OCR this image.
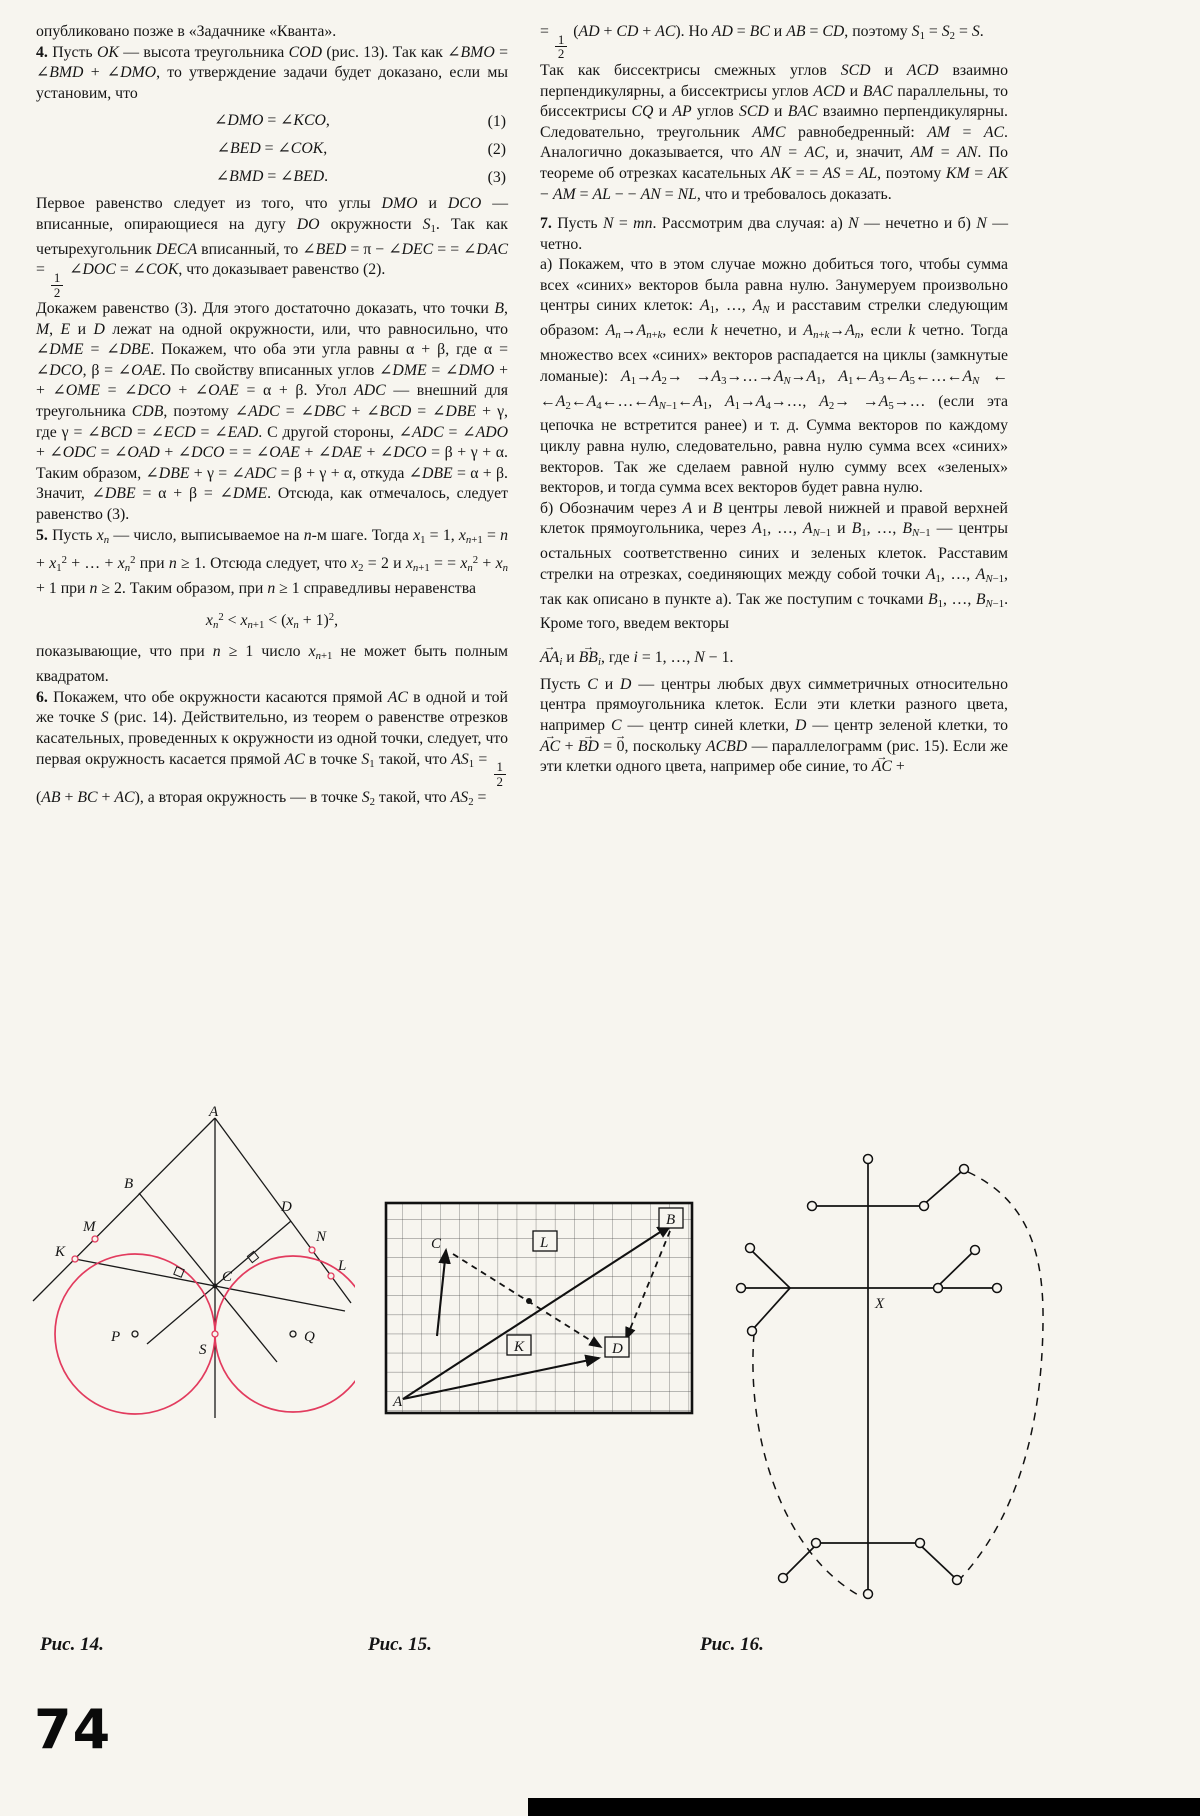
опубликовано позже в «Задачнике «Кванта».

4. Пусть OK — высота треугольника COD (рис. 13). Так как ∠BMO = ∠BMD + ∠DMO, то утверждение задачи будет доказано, если мы установим, что

∠DMO = ∠KCO,	(1)
∠BED = ∠COK,	(2)
∠BMD = ∠BED.	(3)

Первое равенство следует из того, что углы DMO и DCO — вписанные, опирающиеся на дугу DO окружности $S_1$. Так как четырехугольник DECA вписанный, то ∠BED = π − ∠DEC = = ∠DAC =
$\frac{1}{2}$
∠DOC = ∠COK, что доказывает равенство (2).

Докажем равенство (3). Для этого достаточно доказать, что точки B, M, E и D лежат на одной окружности, или, что равносильно, что ∠DME = ∠DBE. Покажем, что оба эти угла равны α + β, где α = ∠DCO, β = ∠OAE. По свойству вписанных углов ∠DME = ∠DMO + + ∠OME = ∠DCO + ∠OAE = α + β. Угол ADC — внешний для треугольника CDB, поэтому ∠ADC = ∠DBC + ∠BCD = ∠DBE + γ, где γ = ∠BCD = ∠ECD = ∠EAD. С другой стороны, ∠ADC = ∠ADO + ∠ODC = ∠OAD + ∠DCO = = ∠OAE + ∠DAE + ∠DCO = β + γ + α. Таким образом, ∠DBE + γ = ∠ADC = β + γ + α, откуда ∠DBE = α + β. Значит, ∠DBE = α + β = ∠DME. Отсюда, как отмечалось, следует равенство (3).

5. Пусть $x_n$ — число, выписываемое на n-м шаге. Тогда $x_1 = 1$, $x_{n+1} = n + x_1^2$ + … + $x_n^2$ при n ≥ 1. Отсюда следует, что $x_2 = 2$ и $x_{n+1}$ = = $x_n^2 + x_n + 1$ при n ≥ 2. Таким образом, при n ≥ 1 справедливы неравенства

$x_n^2 < x_{n+1} < (x_n + 1)^2$,

показывающие, что при n ≥ 1 число $x_{n+1}$ не может быть полным квадратом.

6. Покажем, что обе окружности касаются прямой AC в одной и той же точке S (рис. 14). Действительно, из теорем о равенстве отрезков касательных, проведенных к окружности из одной точки, следует, что первая окружность касается прямой AC в точке $S_1$ такой, что $AS_1$ =
$\frac{1}{2}$
(AB + BC + AC), а вторая окружность — в точке $S_2$ такой, что $AS_2$ =

=
$\frac{1}{2}$
(AD + CD + AC). Но AD = BC и AB = CD, поэтому $S_1 = S_2 = S$.

Так как биссектрисы смежных углов SCD и ACD взаимно перпендикулярны, а биссектрисы углов ACD и BAC параллельны, то биссектрисы CQ и AP углов SCD и BAC взаимно перпендикулярны. Следовательно, треугольник AMC равнобедренный: AM = AC. Аналогично доказывается, что AN = AC, и, значит, AM = AN. По теореме об отрезках касательных AK = = AS = AL, поэтому KM = AK − AM = AL − − AN = NL, что и требовалось доказать.

7. Пусть N = mn. Рассмотрим два случая: а) N — нечетно и б) N — четно.

а) Покажем, что в этом случае можно добиться того, чтобы сумма всех «синих» векторов была равна нулю. Занумеруем произвольно центры синих клеток: $A_1$, …, $A_N$ и расставим стрелки следующим образом: $A_n\to A_{n+k}$, если k нечетно, и $A_{n+k}\to A_n$, если k четно. Тогда множество всех «синих» векторов распадается на циклы (замкнутые ломаные): $A_1\to A_2\to$ $\to A_3\to\dots\to A_N\to A_1$, $A_1\leftarrow A_3\leftarrow A_5\leftarrow\dots\leftarrow A_N$ ← $\leftarrow A_2\leftarrow A_4\leftarrow\dots\leftarrow A_{N-1}\leftarrow A_1$, $A_1\to A_4\to\dots$, $A_2\to$ $\to A_5\to\dots$ (если эта цепочка не встретится ранее) и т. д. Сумма векторов по каждому циклу равна нулю, следовательно, равна нулю сумма всех «синих» векторов. Так же сделаем равной нулю сумму всех «зеленых» векторов, и тогда сумма всех векторов будет равна нулю.

б) Обозначим через A и B центры левой нижней и правой верхней клеток прямоугольника, через $A_1$, …, $A_{N-1}$ и $B_1$, …, $B_{N-1}$ — центры остальных соответственно синих и зеленых клеток. Расставим стрелки на отрезках, соединяющих между собой точки $A_1$, …, $A_{N-1}$, так как описано в пункте а). Так же поступим с точками $B_1$, …, $B_{N-1}$. Кроме того, введем векторы

AA $\to_i$ и BB $\to_i$, где i = 1, …, N − 1.

Пусть C и D — центры любых двух симметричных относительно центра прямоугольника клеток. Если эти клетки разного цвета, например C — центр синей клетки, D — центр зеленой клетки, то AC → + BD → = 0 →, поскольку ACBD — параллелограмм (рис. 15). Если же эти клетки одного цвета, например обе синие, то AC → +

A
B
D
M
K
N
L
C
P
S
Q
B
L
C
K	D
A
X
Рис. 14.	Рис. 15.	Рис. 16.
74
